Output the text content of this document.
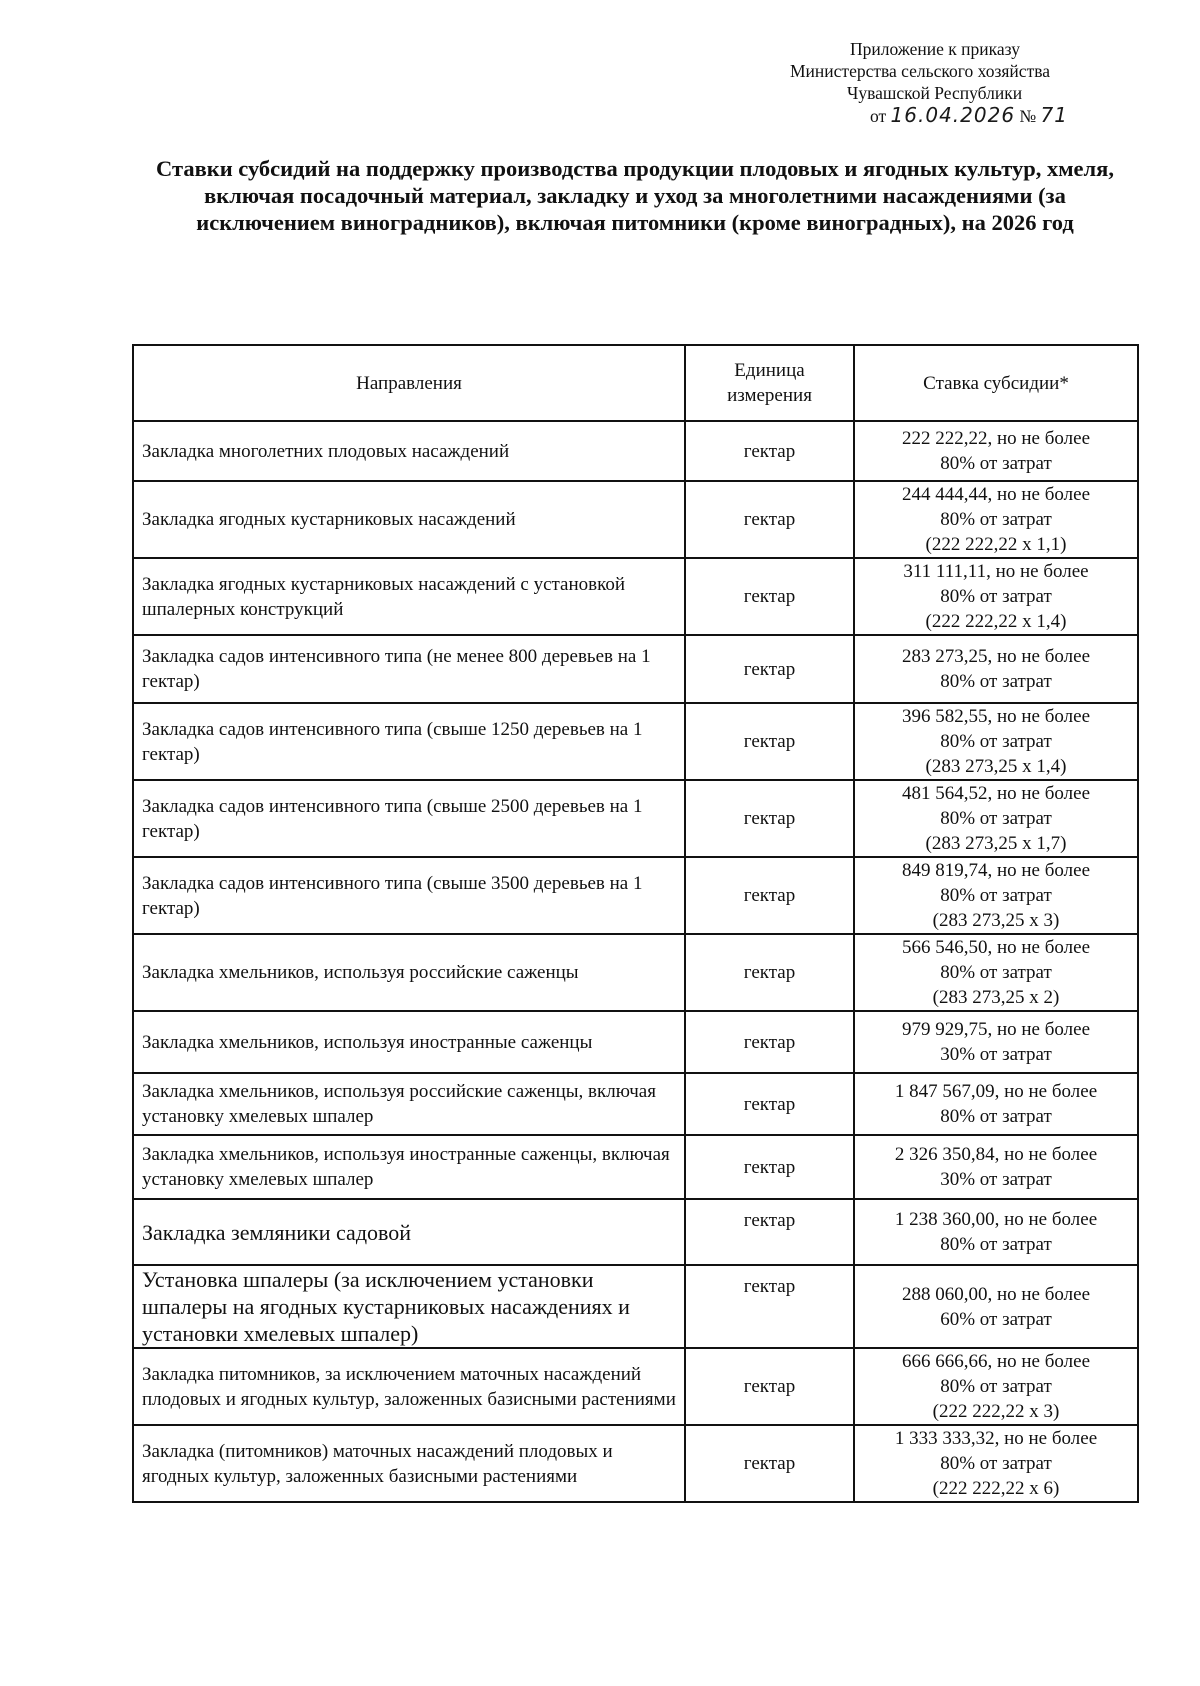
Приложение к приказу
Министерства сельского хозяйства
Чувашской Республики
от 16.04.2026 № 71
Ставки субсидий на поддержку производства продукции плодовых и ягодных культур, хмеля, включая посадочный материал, закладку и уход за многолетними насаждениями (за исключением виноградников), включая питомники (кроме виноградных), на 2026 год
Направления	Единица измерения	Ставка субсидии*
Закладка многолетних плодовых насаждений	гектар	222 222,22, но не более
80% от затрат

Закладка ягодных кустарниковых насаждений	гектар	244 444,44, но не более
80% от затрат
(222 222,22 х 1,1)

Закладка ягодных кустарниковых насаждений с установкой шпалерных конструкций	гектар	311 111,11, но не более
80% от затрат
(222 222,22 х 1,4)

Закладка садов интенсивного типа (не менее 800 деревьев на 1 гектар)	гектар	283 273,25, но не более
80% от затрат

Закладка садов интенсивного типа (свыше 1250 деревьев на 1 гектар)	гектар	396 582,55, но не более
80% от затрат
(283 273,25 х 1,4)

Закладка садов интенсивного типа (свыше 2500 деревьев на 1 гектар)	гектар	481 564,52, но не более
80% от затрат
(283 273,25 х 1,7)

Закладка садов интенсивного типа (свыше 3500 деревьев на 1 гектар)	гектар	849 819,74, но не более
80% от затрат
(283 273,25 х 3)

Закладка хмельников, используя российские саженцы	гектар	566 546,50, но не более
80% от затрат
(283 273,25 х 2)

Закладка хмельников, используя иностранные саженцы	гектар	979 929,75, но не более
30% от затрат

Закладка хмельников, используя российские саженцы, включая установку хмелевых шпалер	гектар	1 847 567,09, но не более
80% от затрат

Закладка хмельников, используя иностранные саженцы, включая установку хмелевых шпалер	гектар	2 326 350,84, но не более
30% от затрат

Закладка земляники садовой	гектар	1 238 360,00, но не более
80% от затрат

Установка шпалеры (за исключением установки шпалеры на ягодных кустарниковых насаждениях и установки хмелевых шпалер)	гектар	288 060,00, но не более
60% от затрат

Закладка питомников, за исключением маточных насаждений плодовых и ягодных культур, заложенных базисными растениями	гектар	666 666,66, но не более
80% от затрат
(222 222,22 х 3)

Закладка (питомников) маточных насаждений плодовых и ягодных культур, заложенных базисными растениями	гектар	1 333 333,32, но не более
80% от затрат
(222 222,22 х 6)
